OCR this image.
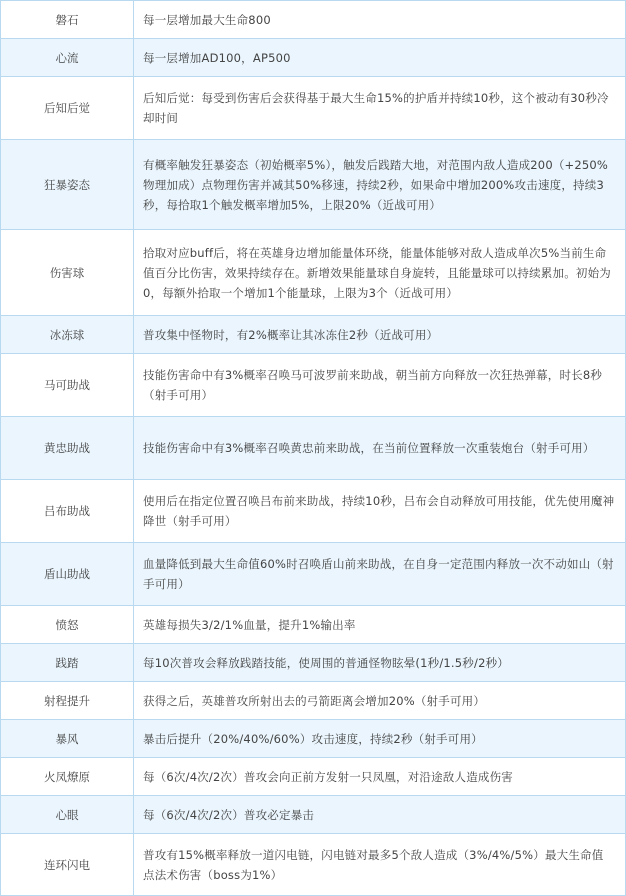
磐石	每一层增加最大生命800
心流	每一层增加AD100，AP500
后知后觉	后知后觉：每受到伤害后会获得基于最大生命15%的护盾并持续10秒，这个被动有30秒冷却时间
狂暴姿态	有概率触发狂暴姿态（初始概率5%），触发后践踏大地，对范围内敌人造成200（+250%物理加成）点物理伤害并减其50%移速，持续2秒，如果命中增加200%攻击速度，持续3秒，每拾取1个触发概率增加5%，上限20%（近战可用）
伤害球	拾取对应buff后，将在英雄身边增加能量体环绕，能量体能够对敌人造成单次5%当前生命值百分比伤害，效果持续存在。新增效果能量球自身旋转，且能量球可以持续累加。初始为0，每额外拾取一个增加1个能量球，上限为3个（近战可用）
冰冻球	普攻集中怪物时，有2%概率让其冰冻住2秒（近战可用）
马可助战	技能伤害命中有3%概率召唤马可波罗前来助战，朝当前方向释放一次狂热弹幕，时长8秒（射手可用）
黄忠助战	技能伤害命中有3%概率召唤黄忠前来助战，在当前位置释放一次重装炮台（射手可用）
吕布助战	使用后在指定位置召唤吕布前来助战，持续10秒，吕布会自动释放可用技能，优先使用魔神降世（射手可用）
盾山助战	血量降低到最大生命值60%时召唤盾山前来助战，在自身一定范围内释放一次不动如山（射手可用）
愤怒	英雄每损失3/2/1%血量，提升1%输出率
践踏	每10次普攻会释放践踏技能，使周围的普通怪物眩晕(1秒/1.5秒/2秒）
射程提升	获得之后，英雄普攻所射出去的弓箭距离会增加20%（射手可用）
暴风	暴击后提升（20%/40%/60%）攻击速度，持续2秒（射手可用）
火凤燎原	每（6次/4次/2次）普攻会向正前方发射一只凤凰，对沿途敌人造成伤害
心眼	每（6次/4次/2次）普攻必定暴击
连环闪电	普攻有15%概率释放一道闪电链，闪电链对最多5个敌人造成（3%/4%/5%）最大生命值点法术伤害（boss为1%）
